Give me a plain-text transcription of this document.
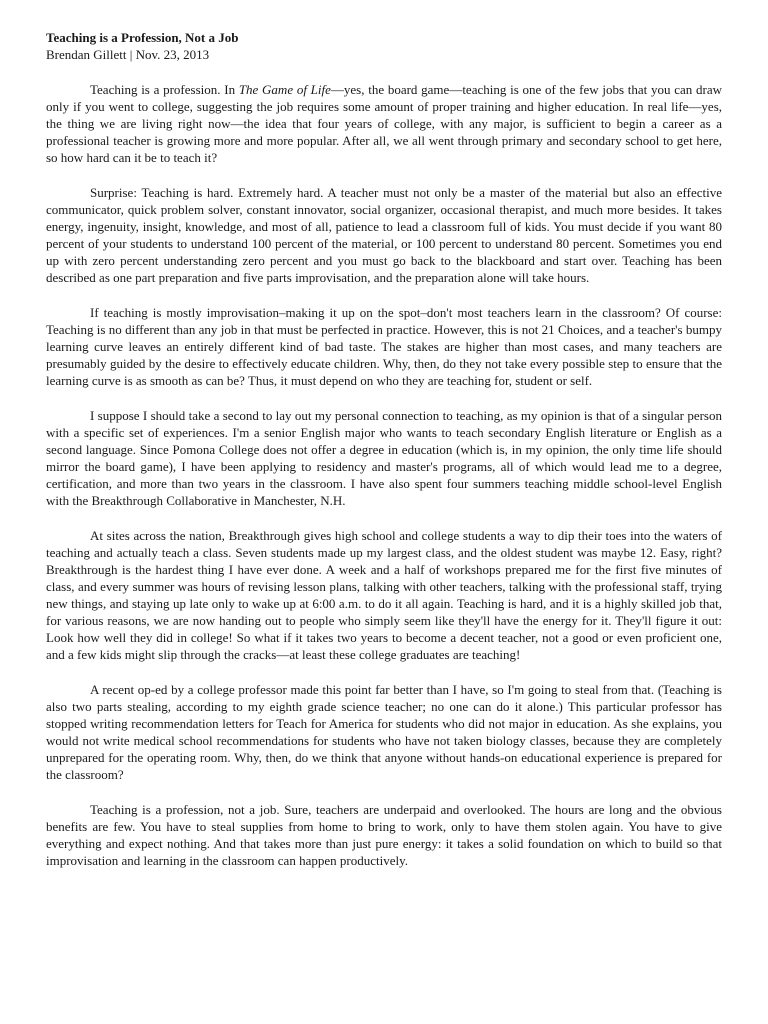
Teaching is a Profession, Not a Job

Brendan Gillett | Nov. 23, 2013

Teaching is a profession. In The Game of Life—yes, the board game—teaching is one of the few jobs that you can draw only if you went to college, suggesting the job requires some amount of proper training and higher education. In real life—yes, the thing we are living right now—the idea that four years of college, with any major, is sufficient to begin a career as a professional teacher is growing more and more popular. After all, we all went through primary and secondary school to get here, so how hard can it be to teach it?

Surprise: Teaching is hard. Extremely hard. A teacher must not only be a master of the material but also an effective communicator, quick problem solver, constant innovator, social organizer, occasional therapist, and much more besides. It takes energy, ingenuity, insight, knowledge, and most of all, patience to lead a classroom full of kids. You must decide if you want 80 percent of your students to understand 100 percent of the material, or 100 percent to understand 80 percent. Sometimes you end up with zero percent understanding zero percent and you must go back to the blackboard and start over. Teaching has been described as one part preparation and five parts improvisation, and the preparation alone will take hours.

If teaching is mostly improvisation–making it up on the spot–don't most teachers learn in the classroom? Of course: Teaching is no different than any job in that must be perfected in practice. However, this is not 21 Choices, and a teacher's bumpy learning curve leaves an entirely different kind of bad taste. The stakes are higher than most cases, and many teachers are presumably guided by the desire to effectively educate children. Why, then, do they not take every possible step to ensure that the learning curve is as smooth as can be? Thus, it must depend on who they are teaching for, student or self.

I suppose I should take a second to lay out my personal connection to teaching, as my opinion is that of a singular person with a specific set of experiences. I'm a senior English major who wants to teach secondary English literature or English as a second language. Since Pomona College does not offer a degree in education (which is, in my opinion, the only time life should mirror the board game), I have been applying to residency and master's programs, all of which would lead me to a degree, certification, and more than two years in the classroom. I have also spent four summers teaching middle school-level English with the Breakthrough Collaborative in Manchester, N.H.

At sites across the nation, Breakthrough gives high school and college students a way to dip their toes into the waters of teaching and actually teach a class. Seven students made up my largest class, and the oldest student was maybe 12. Easy, right? Breakthrough is the hardest thing I have ever done. A week and a half of workshops prepared me for the first five minutes of class, and every summer was hours of revising lesson plans, talking with other teachers, talking with the professional staff, trying new things, and staying up late only to wake up at 6:00 a.m. to do it all again. Teaching is hard, and it is a highly skilled job that, for various reasons, we are now handing out to people who simply seem like they'll have the energy for it. They'll figure it out: Look how well they did in college! So what if it takes two years to become a decent teacher, not a good or even proficient one, and a few kids might slip through the cracks—at least these college graduates are teaching!

A recent op-ed by a college professor made this point far better than I have, so I'm going to steal from that. (Teaching is also two parts stealing, according to my eighth grade science teacher; no one can do it alone.) This particular professor has stopped writing recommendation letters for Teach for America for students who did not major in education. As she explains, you would not write medical school recommendations for students who have not taken biology classes, because they are completely unprepared for the operating room. Why, then, do we think that anyone without hands-on educational experience is prepared for the classroom?

Teaching is a profession, not a job. Sure, teachers are underpaid and overlooked. The hours are long and the obvious benefits are few. You have to steal supplies from home to bring to work, only to have them stolen again. You have to give everything and expect nothing. And that takes more than just pure energy: it takes a solid foundation on which to build so that improvisation and learning in the classroom can happen productively.
